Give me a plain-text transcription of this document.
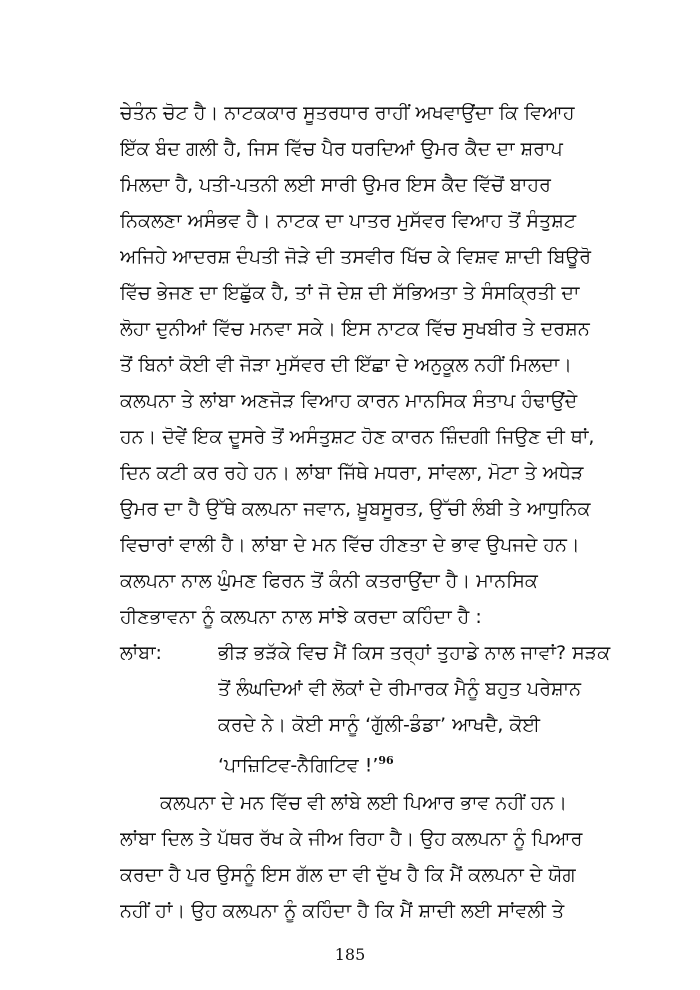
ਚੇਤੰਨ ਚੋਟ ਹੈ। ਨਾਟਕਕਾਰ ਸੂਤਰਧਾਰ ਰਾਹੀਂ ਅਖਵਾਉਂਦਾ ਕਿ ਵਿਆਹ
ਇੱਕ ਬੰਦ ਗਲੀ ਹੈ, ਜਿਸ ਵਿੱਚ ਪੈਰ ਧਰਦਿਆਂ ਉਮਰ ਕੈਦ ਦਾ ਸ਼ਰਾਪ
ਮਿਲਦਾ ਹੈ, ਪਤੀ-ਪਤਨੀ ਲਈ ਸਾਰੀ ਉਮਰ ਇਸ ਕੈਦ ਵਿੱਚੋਂ ਬਾਹਰ
ਨਿਕਲਣਾ ਅਸੰਭਵ ਹੈ। ਨਾਟਕ ਦਾ ਪਾਤਰ ਮੁਸੱਵਰ ਵਿਆਹ ਤੋਂ ਸੰਤੁਸ਼ਟ
ਅਜਿਹੇ ਆਦਰਸ਼ ਦੰਪਤੀ ਜੋੜੇ ਦੀ ਤਸਵੀਰ ਖਿੱਚ ਕੇ ਵਿਸ਼ਵ ਸ਼ਾਦੀ ਬਿਊਰੋ
ਵਿੱਚ ਭੇਜਣ ਦਾ ਇਛੁੱਕ ਹੈ, ਤਾਂ ਜੋ ਦੇਸ਼ ਦੀ ਸੱਭਿਅਤਾ ਤੇ ਸੰਸਕ੍ਰਿਤੀ ਦਾ
ਲੋਹਾ ਦੁਨੀਆਂ ਵਿੱਚ ਮਨਵਾ ਸਕੇ। ਇਸ ਨਾਟਕ ਵਿੱਚ ਸੁਖਬੀਰ ਤੇ ਦਰਸ਼ਨ
ਤੋਂ ਬਿਨਾਂ ਕੋਈ ਵੀ ਜੋੜਾ ਮੁਸੱਵਰ ਦੀ ਇੱਛਾ ਦੇ ਅਨੁਕੂਲ ਨਹੀਂ ਮਿਲਦਾ।
ਕਲਪਨਾ ਤੇ ਲਾਂਬਾ ਅਣਜੋੜ ਵਿਆਹ ਕਾਰਨ ਮਾਨਸਿਕ ਸੰਤਾਪ ਹੰਢਾਉਂਦੇ
ਹਨ। ਦੋਵੇਂ ਇਕ ਦੂਸਰੇ ਤੋਂ ਅਸੰਤੁਸ਼ਟ ਹੋਣ ਕਾਰਨ ਜ਼ਿੰਦਗੀ ਜਿਉਣ ਦੀ ਥਾਂ,
ਦਿਨ ਕਟੀ ਕਰ ਰਹੇ ਹਨ। ਲਾਂਬਾ ਜਿੱਥੇ ਮਧਰਾ, ਸਾਂਵਲਾ, ਮੋਟਾ ਤੇ ਅਧੇੜ
ਉਮਰ ਦਾ ਹੈ ਉੱਥੇ ਕਲਪਨਾ ਜਵਾਨ, ਖ਼ੂਬਸੂਰਤ, ਉੱਚੀ ਲੰਬੀ ਤੇ ਆਧੁਨਿਕ
ਵਿਚਾਰਾਂ ਵਾਲੀ ਹੈ। ਲਾਂਬਾ ਦੇ ਮਨ ਵਿੱਚ ਹੀਣਤਾ ਦੇ ਭਾਵ ਉਪਜਦੇ ਹਨ।
ਕਲਪਨਾ ਨਾਲ ਘੁੰਮਣ ਫਿਰਨ ਤੋਂ ਕੰਨੀ ਕਤਰਾਉਂਦਾ ਹੈ। ਮਾਨਸਿਕ
ਹੀਣਭਾਵਨਾ ਨੂੰ ਕਲਪਨਾ ਨਾਲ ਸਾਂਝੇ ਕਰਦਾ ਕਹਿੰਦਾ ਹੈ :
ਲਾਂਬਾ:	ਭੀੜ ਭੜੱਕੇ ਵਿਚ ਮੈਂ ਕਿਸ ਤਰ੍ਹਾਂ ਤੁਹਾਡੇ ਨਾਲ ਜਾਵਾਂ? ਸੜਕ
ਤੋਂ ਲੰਘਦਿਆਂ ਵੀ ਲੋਕਾਂ ਦੇ ਰੀਮਾਰਕ ਮੈਨੂੰ ਬਹੁਤ ਪਰੇਸ਼ਾਨ
ਕਰਦੇ ਨੇ। ਕੋਈ ਸਾਨੂੰ ‘ਗੁੱਲੀ-ਡੰਡਾ’ ਆਖਦੈ, ਕੋਈ
‘ਪਾਜ਼ਿਟਿਵ-ਨੈਗਿਟਿਵ !’$^{96}$
ਕਲਪਨਾ ਦੇ ਮਨ ਵਿੱਚ ਵੀ ਲਾਂਬੇ ਲਈ ਪਿਆਰ ਭਾਵ ਨਹੀਂ ਹਨ।
ਲਾਂਬਾ ਦਿਲ ਤੇ ਪੱਥਰ ਰੱਖ ਕੇ ਜੀਅ ਰਿਹਾ ਹੈ। ਉਹ ਕਲਪਨਾ ਨੂੰ ਪਿਆਰ
ਕਰਦਾ ਹੈ ਪਰ ਉਸਨੂੰ ਇਸ ਗੱਲ ਦਾ ਵੀ ਦੁੱਖ ਹੈ ਕਿ ਮੈਂ ਕਲਪਨਾ ਦੇ ਯੋਗ
ਨਹੀਂ ਹਾਂ। ਉਹ ਕਲਪਨਾ ਨੂੰ ਕਹਿੰਦਾ ਹੈ ਕਿ ਮੈਂ ਸ਼ਾਦੀ ਲਈ ਸਾਂਵਲੀ ਤੇ
185
